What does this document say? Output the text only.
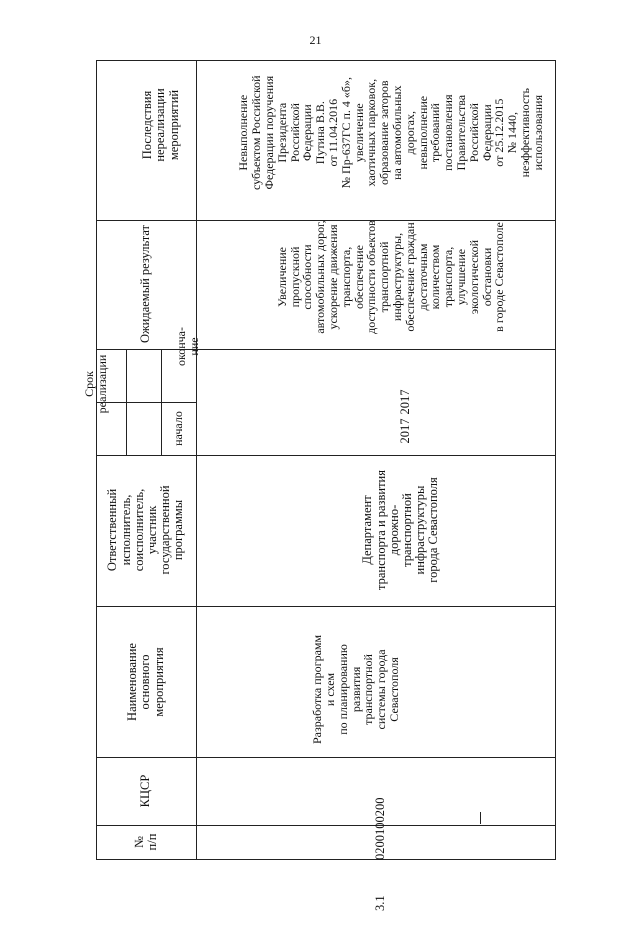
21
Последствия
нереализации
мероприятий
Ожидаемый результат
Срок
реализации
оконча-
ние
начало
Ответственный
исполнитель,
соисполнитель,
участник
государственной
программы
Наименование
основного
мероприятия
КЦСР
№
п/п
Невыполнение
субъектом Российской
Федерации поручения
Президента
Российской
Федерации
Путина В.В.
от 11.04.2016
№ Пр-637ГС п. 4 «б»,
увеличение
хаотичных парковок,
образование заторов
на автомобильных
дорогах,
невыполнение
требований
постановления
Правительства
Российской
Федерации
от 25.12.2015
№ 1440,
неэффективность
использования
Увеличение
пропускной
способности
автомобильных дорог,
ускорение движения
транспорта,
обеспечение
доступности объектов
транспортной
инфраструктуры,
обеспечение граждан
достаточным
количеством
транспорта,
улучшение
экологической
обстановки
в городе Севастополе
2017
2017
Департамент
транспорта и развития
дорожно-
транспортной
инфраструктуры
города Севастополя
Разработка программ
и схем
по планированию
развития
транспортной
системы города
Севастополя
0200100200
3.1
